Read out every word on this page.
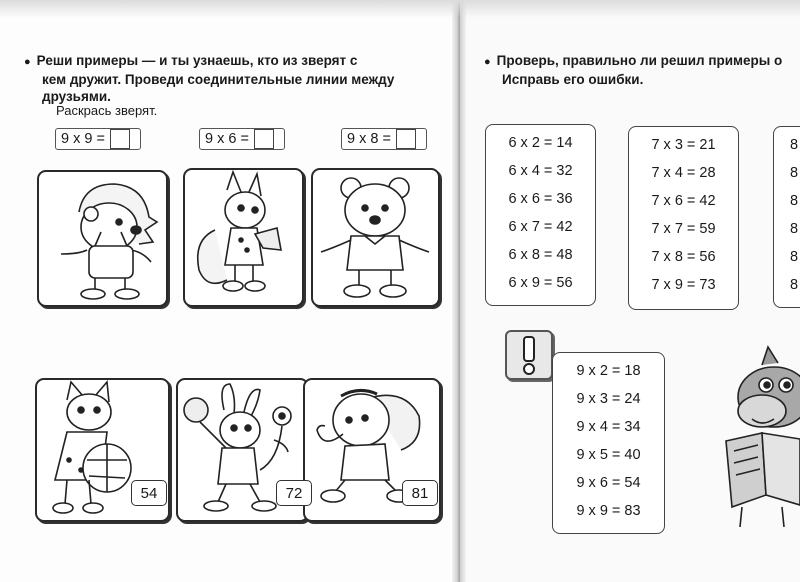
● Реши примеры — и ты узнаешь, кто из зверят с
кем дружит. Проведи соединительные линии между
друзьями.
Раскрась зверят.
9 x 9 =	9 x 6 =	9 x 8 =
54	72	81
● Проверь, правильно ли решил примеры о
Исправь его ошибки.
6 x 2 = 14
6 x 4 = 32
6 x 6 = 36
6 x 7 = 42
6 x 8 = 48
6 x 9 = 56
7 x 3 = 21
7 x 4 = 28
7 x 6 = 42
7 x 7 = 59
7 x 8 = 56
7 x 9 = 73
8
8
8
8
8
8
9 x 2 = 18
9 x 3 = 24
9 x 4 = 34
9 x 5 = 40
9 x 6 = 54
9 x 9 = 83
